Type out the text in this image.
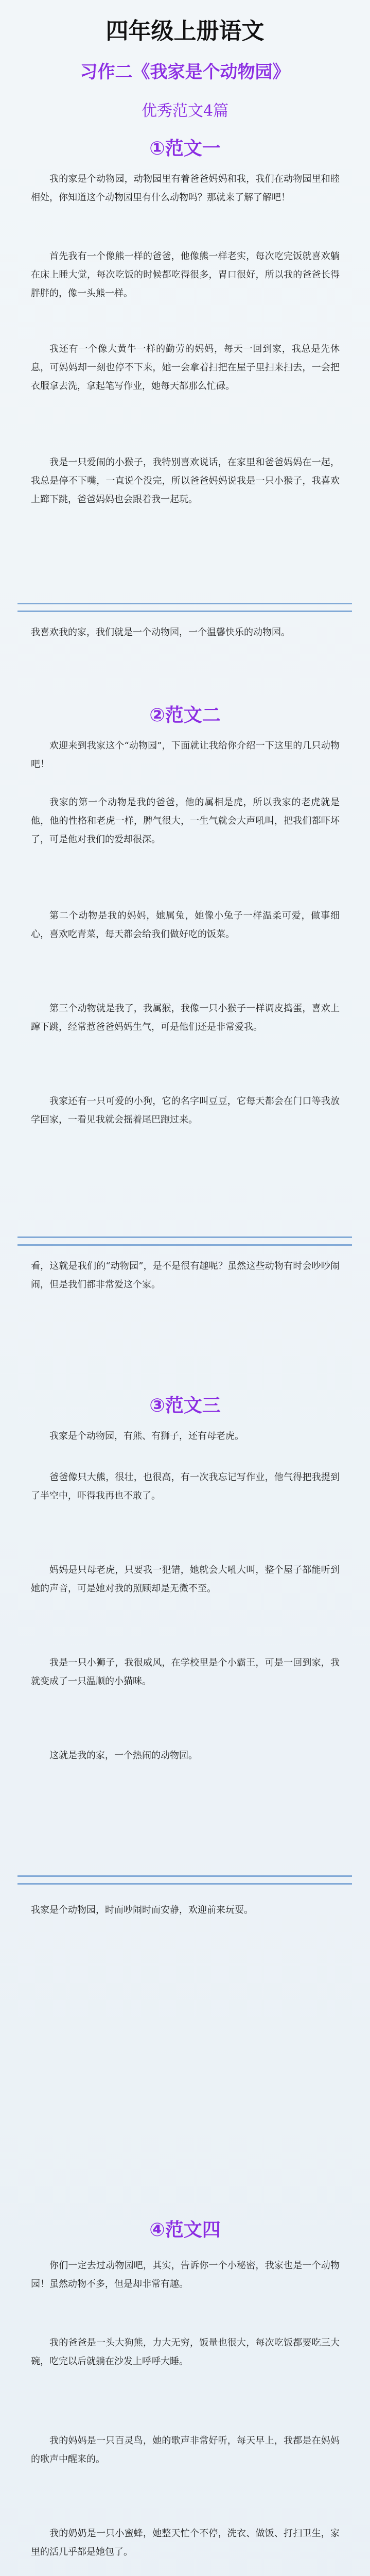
四年级上册语文
习作二《我家是个动物园》
优秀范文4篇
①范文一

我的家是个动物园，动物园里有着爸爸妈妈和我，我们在动物园里和睦相处，你知道这个动物园里有什么动物吗？那就来了解了解吧！

首先我有一个像熊一样的爸爸，他像熊一样老实，每次吃完饭就喜欢躺在床上睡大觉，每次吃饭的时候都吃得很多，胃口很好，所以我的爸爸长得胖胖的，像一头熊一样。

我还有一个像大黄牛一样的勤劳的妈妈，每天一回到家，我总是先休息，可妈妈却一刻也停不下来，她一会拿着扫把在屋子里扫来扫去，一会把衣服拿去洗，拿起笔写作业，她每天都那么忙碌。

我是一只爱闹的小猴子，我特别喜欢说话，在家里和爸爸妈妈在一起，我总是停不下嘴，一直说个没完，所以爸爸妈妈说我是一只小猴子，我喜欢上蹿下跳，爸爸妈妈也会跟着我一起玩。

我喜欢我的家，我们就是一个动物园，一个温馨快乐的动物园。

②范文二

欢迎来到我家这个“动物园”，下面就让我给你介绍一下这里的几只动物吧！

我家的第一个动物是我的爸爸，他的属相是虎，所以我家的老虎就是他，他的性格和老虎一样，脾气很大，一生气就会大声吼叫，把我们都吓坏了，可是他对我们的爱却很深。

第二个动物是我的妈妈，她属兔，她像小兔子一样温柔可爱，做事细心，喜欢吃青菜，每天都会给我们做好吃的饭菜。

第三个动物就是我了，我属猴，我像一只小猴子一样调皮捣蛋，喜欢上蹿下跳，经常惹爸爸妈妈生气，可是他们还是非常爱我。

我家还有一只可爱的小狗，它的名字叫豆豆，它每天都会在门口等我放学回家，一看见我就会摇着尾巴跑过来。

看，这就是我们的“动物园”，是不是很有趣呢？虽然这些动物有时会吵吵闹闹，但是我们都非常爱这个家。

③范文三

我家是个动物园，有熊、有狮子，还有母老虎。

爸爸像只大熊，很壮，也很高，有一次我忘记写作业，他气得把我提到了半空中，吓得我再也不敢了。

妈妈是只母老虎，只要我一犯错，她就会大吼大叫，整个屋子都能听到她的声音，可是她对我的照顾却是无微不至。

我是一只小狮子，我很威风，在学校里是个小霸王，可是一回到家，我就变成了一只温顺的小猫咪。

这就是我的家，一个热闹的动物园。

我家是个动物园，时而吵闹时而安静，欢迎前来玩耍。

④范文四

你们一定去过动物园吧，其实，告诉你一个小秘密，我家也是一个动物园！虽然动物不多，但是却非常有趣。

我的爸爸是一头大狗熊，力大无穷，饭量也很大，每次吃饭都要吃三大碗，吃完以后就躺在沙发上呼呼大睡。

我的妈妈是一只百灵鸟，她的歌声非常好听，每天早上，我都是在妈妈的歌声中醒来的。

我的奶奶是一只小蜜蜂，她整天忙个不停，洗衣、做饭、打扫卫生，家里的活几乎都是她包了。
